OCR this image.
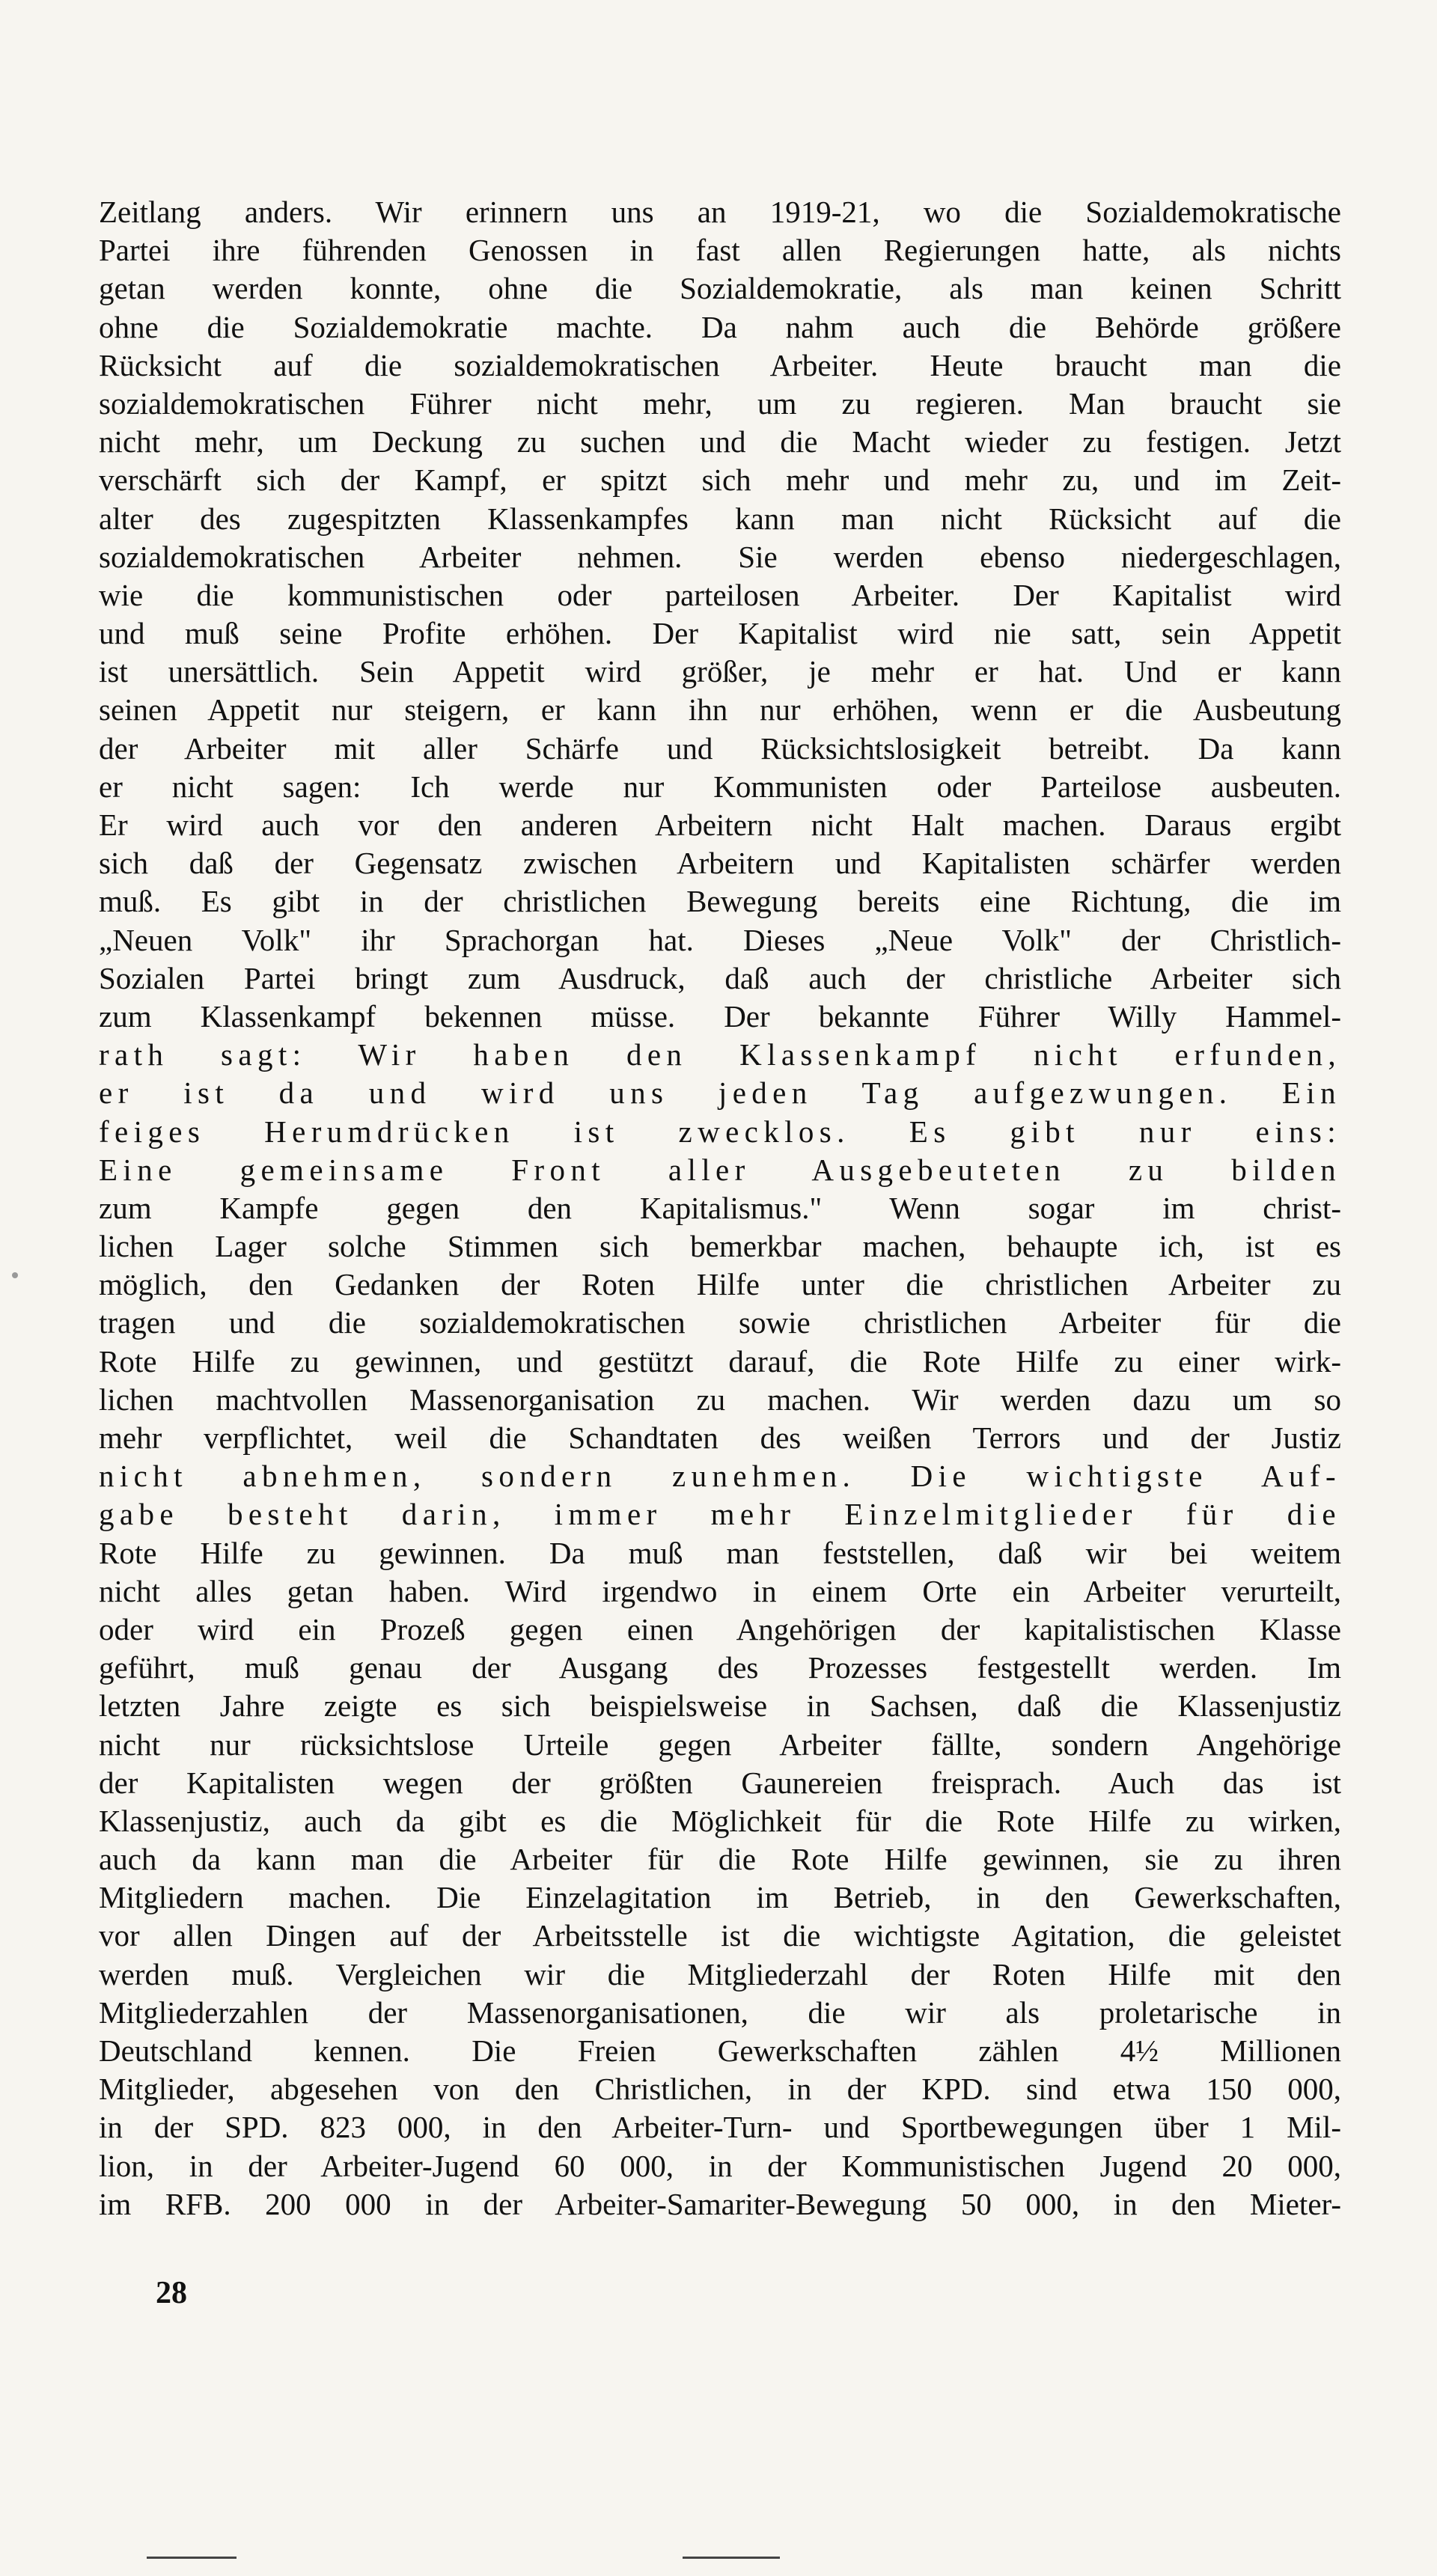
Zeitlang anders. Wir erinnern uns an 1919-21, wo die Sozialdemokratische
Partei ihre führenden Genossen in fast allen Regierungen hatte, als nichts
getan werden konnte, ohne die Sozialdemokratie, als man keinen Schritt
ohne die Sozialdemokratie machte. Da nahm auch die Behörde größere
Rücksicht auf die sozialdemokratischen Arbeiter. Heute braucht man die
sozialdemokratischen Führer nicht mehr, um zu regieren. Man braucht sie
nicht mehr, um Deckung zu suchen und die Macht wieder zu festigen. Jetzt
verschärft sich der Kampf, er spitzt sich mehr und mehr zu, und im Zeit-
alter des zugespitzten Klassenkampfes kann man nicht Rücksicht auf die
sozialdemokratischen Arbeiter nehmen. Sie werden ebenso niedergeschlagen,
wie die kommunistischen oder parteilosen Arbeiter. Der Kapitalist wird
und muß seine Profite erhöhen. Der Kapitalist wird nie satt, sein Appetit
ist unersättlich. Sein Appetit wird größer, je mehr er hat. Und er kann
seinen Appetit nur steigern, er kann ihn nur erhöhen, wenn er die Ausbeutung
der Arbeiter mit aller Schärfe und Rücksichtslosigkeit betreibt. Da kann
er nicht sagen: Ich werde nur Kommunisten oder Parteilose ausbeuten.
Er wird auch vor den anderen Arbeitern nicht Halt machen. Daraus ergibt
sich daß der Gegensatz zwischen Arbeitern und Kapitalisten schärfer werden
muß. Es gibt in der christlichen Bewegung bereits eine Richtung, die im
„Neuen Volk" ihr Sprachorgan hat. Dieses „Neue Volk" der Christlich-
Sozialen Partei bringt zum Ausdruck, daß auch der christliche Arbeiter sich
zum Klassenkampf bekennen müsse. Der bekannte Führer Willy Hammel-
rath sagt: Wir haben den Klassenkampf nicht erfunden,
er ist da und wird uns jeden Tag aufgezwungen. Ein
feiges Herumdrücken ist zwecklos. Es gibt nur eins:
Eine gemeinsame Front aller Ausgebeuteten zu bilden
zum Kampfe gegen den Kapitalismus." Wenn sogar im christ-
lichen Lager solche Stimmen sich bemerkbar machen, behaupte ich, ist es
möglich, den Gedanken der Roten Hilfe unter die christlichen Arbeiter zu
tragen und die sozialdemokratischen sowie christlichen Arbeiter für die
Rote Hilfe zu gewinnen, und gestützt darauf, die Rote Hilfe zu einer wirk-
lichen machtvollen Massenorganisation zu machen. Wir werden dazu um so
mehr verpflichtet, weil die Schandtaten des weißen Terrors und der Justiz
nicht abnehmen, sondern zunehmen. Die wichtigste Auf-
gabe besteht darin, immer mehr Einzelmitglieder für die
Rote Hilfe zu gewinnen. Da muß man feststellen, daß wir bei weitem
nicht alles getan haben. Wird irgendwo in einem Orte ein Arbeiter verurteilt,
oder wird ein Prozeß gegen einen Angehörigen der kapitalistischen Klasse
geführt, muß genau der Ausgang des Prozesses festgestellt werden. Im
letzten Jahre zeigte es sich beispielsweise in Sachsen, daß die Klassenjustiz
nicht nur rücksichtslose Urteile gegen Arbeiter fällte, sondern Angehörige
der Kapitalisten wegen der größten Gaunereien freisprach. Auch das ist
Klassenjustiz, auch da gibt es die Möglichkeit für die Rote Hilfe zu wirken,
auch da kann man die Arbeiter für die Rote Hilfe gewinnen, sie zu ihren
Mitgliedern machen. Die Einzelagitation im Betrieb, in den Gewerkschaften,
vor allen Dingen auf der Arbeitsstelle ist die wichtigste Agitation, die geleistet
werden muß. Vergleichen wir die Mitgliederzahl der Roten Hilfe mit den
Mitgliederzahlen der Massenorganisationen, die wir als proletarische in
Deutschland kennen. Die Freien Gewerkschaften zählen 4½ Millionen
Mitglieder, abgesehen von den Christlichen, in der KPD. sind etwa 150 000,
in der SPD. 823 000, in den Arbeiter-Turn- und Sportbewegungen über 1 Mil-
lion, in der Arbeiter-Jugend 60 000, in der Kommunistischen Jugend 20 000,
im RFB. 200 000 in der Arbeiter-Samariter-Bewegung 50 000, in den Mieter-
28
